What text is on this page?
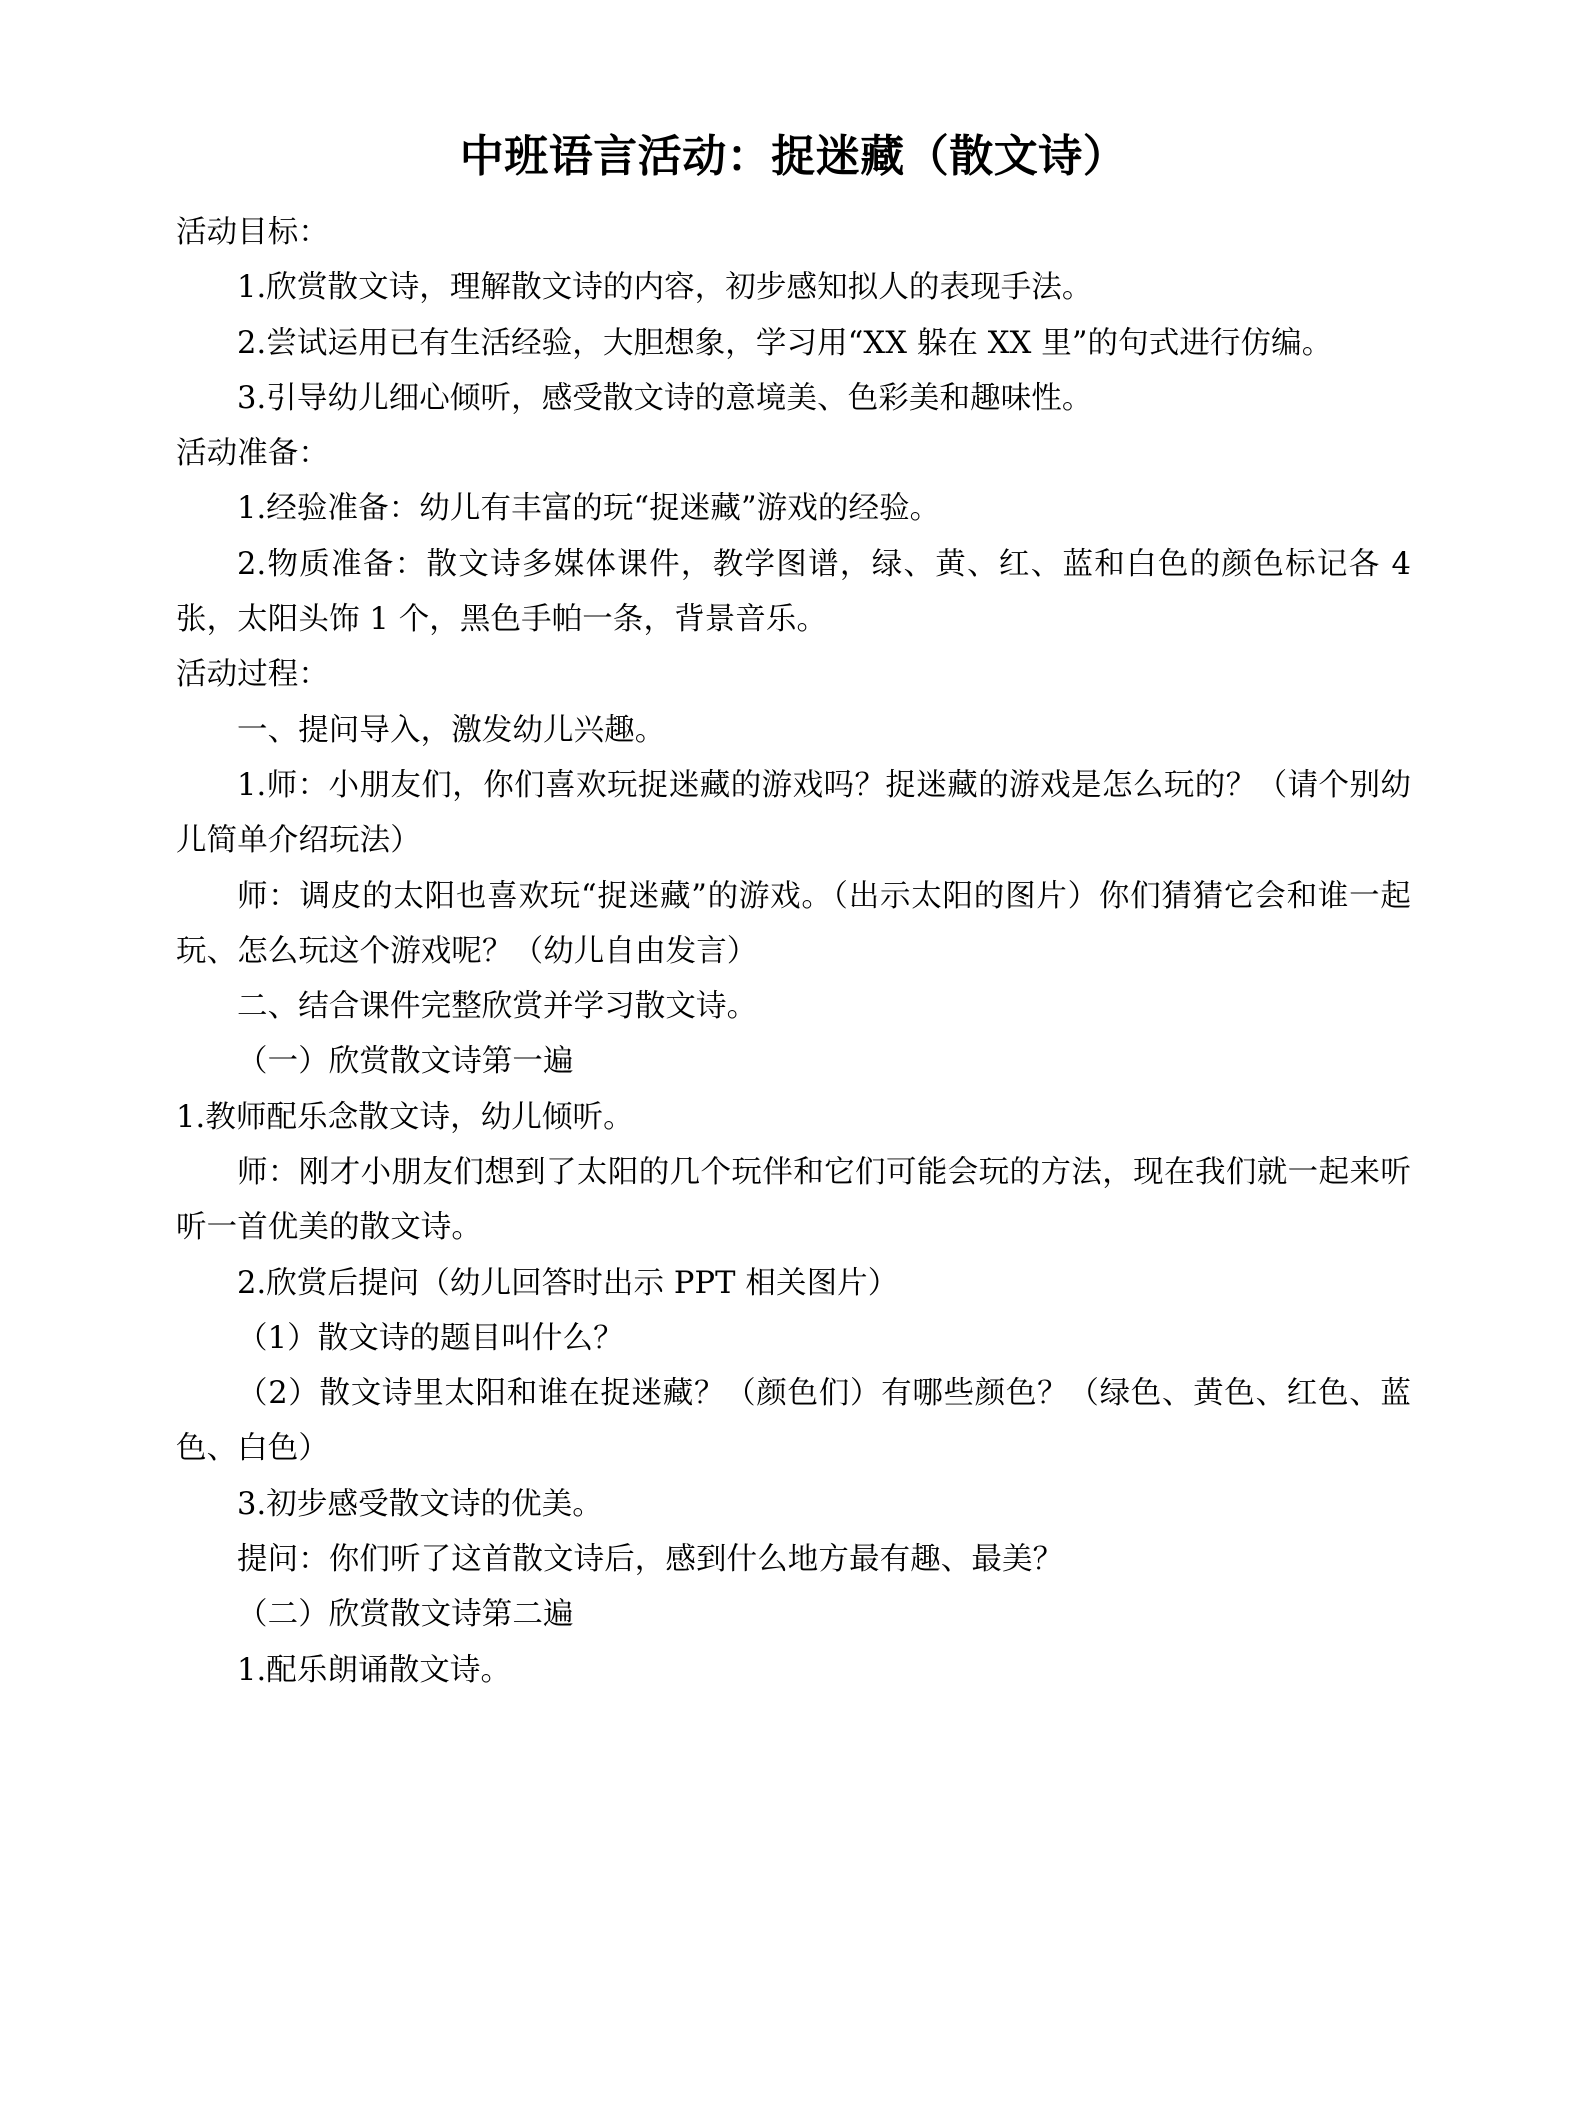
中班语言活动：捉迷藏（散文诗）

活动目标：

1.欣赏散文诗，理解散文诗的内容，初步感知拟人的表现手法。

2.尝试运用已有生活经验，大胆想象，学习用“XX 躲在 XX 里”的句式进行仿编。

3.引导幼儿细心倾听，感受散文诗的意境美、色彩美和趣味性。

活动准备：

1.经验准备：幼儿有丰富的玩“捉迷藏”游戏的经验。

2.物质准备：散文诗多媒体课件，教学图谱，绿、黄、红、蓝和白色的颜色标记各 4 张，太阳头饰 1 个，黑色手帕一条，背景音乐。

活动过程：

一、提问导入，激发幼儿兴趣。

1.师：小朋友们，你们喜欢玩捉迷藏的游戏吗？捉迷藏的游戏是怎么玩的？（请个别幼儿简单介绍玩法）

师：调皮的太阳也喜欢玩“捉迷藏”的游戏。（出示太阳的图片）你们猜猜它会和谁一起玩、怎么玩这个游戏呢？（幼儿自由发言）

二、结合课件完整欣赏并学习散文诗。

（一）欣赏散文诗第一遍

1.教师配乐念散文诗，幼儿倾听。

师：刚才小朋友们想到了太阳的几个玩伴和它们可能会玩的方法，现在我们就一起来听听一首优美的散文诗。

2.欣赏后提问（幼儿回答时出示 PPT 相关图片）

（1）散文诗的题目叫什么？

（2）散文诗里太阳和谁在捉迷藏？（颜色们）有哪些颜色？（绿色、黄色、红色、蓝色、白色）

3.初步感受散文诗的优美。

提问：你们听了这首散文诗后，感到什么地方最有趣、最美？

（二）欣赏散文诗第二遍

1.配乐朗诵散文诗。
